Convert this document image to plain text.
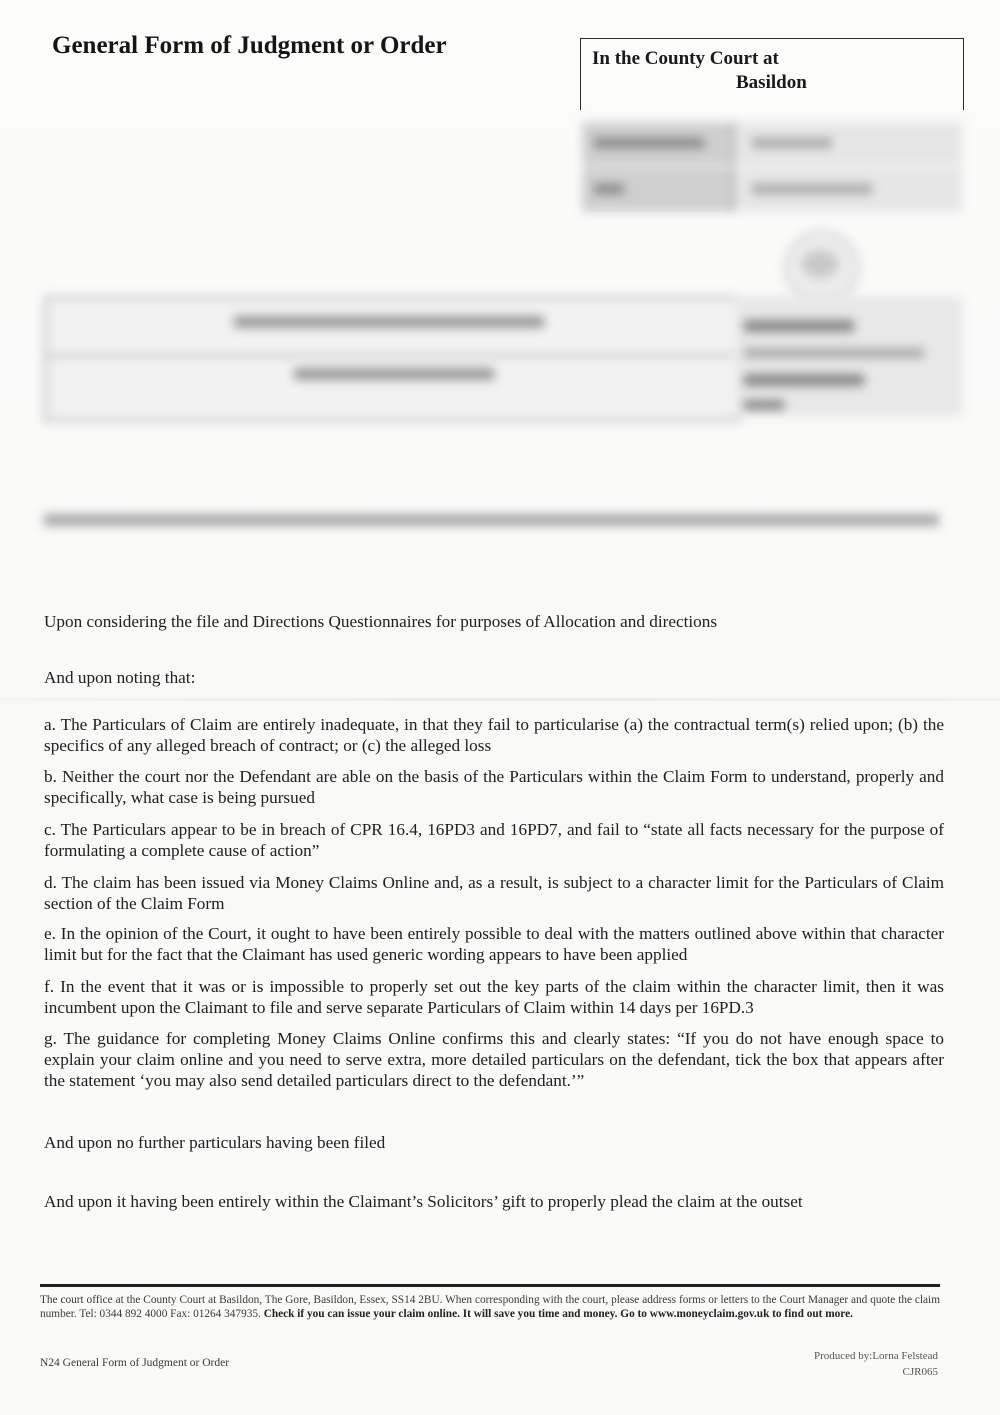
General Form of Judgment or Order	In the County Court at
Basildon
Upon considering the file and Directions Questionnaires for purposes of Allocation and directions
And upon noting that:
a. The Particulars of Claim are entirely inadequate, in that they fail to particularise (a) the contractual term(s) relied upon; (b) the specifics of any alleged breach of contract; or (c) the alleged loss
b. Neither the court nor the Defendant are able on the basis of the Particulars within the Claim Form to understand, properly and specifically, what case is being pursued
c. The Particulars appear to be in breach of CPR 16.4, 16PD3 and 16PD7, and fail to “state all facts necessary for the purpose of formulating a complete cause of action”
d. The claim has been issued via Money Claims Online and, as a result, is subject to a character limit for the Particulars of Claim section of the Claim Form
e. In the opinion of the Court, it ought to have been entirely possible to deal with the matters outlined above within that character limit but for the fact that the Claimant has used generic wording appears to have been applied
f. In the event that it was or is impossible to properly set out the key parts of the claim within the character limit, then it was incumbent upon the Claimant to file and serve separate Particulars of Claim within 14 days per 16PD.3
g. The guidance for completing Money Claims Online confirms this and clearly states: “If you do not have enough space to explain your claim online and you need to serve extra, more detailed particulars on the defendant, tick the box that appears after the statement ‘you may also send detailed particulars direct to the defendant.’”
And upon no further particulars having been filed
And upon it having been entirely within the Claimant’s Solicitors’ gift to properly plead the claim at the outset
The court office at the County Court at Basildon, The Gore, Basildon, Essex, SS14 2BU. When corresponding with the court, please address forms or letters to the Court Manager and quote the claim number. Tel: 0344 892 4000 Fax: 01264 347935. Check if you can issue your claim online. It will save you time and money. Go to www.moneyclaim.gov.uk to find out more.
N24 General Form of Judgment or Order
Produced by:Lorna Felstead
CJR065
